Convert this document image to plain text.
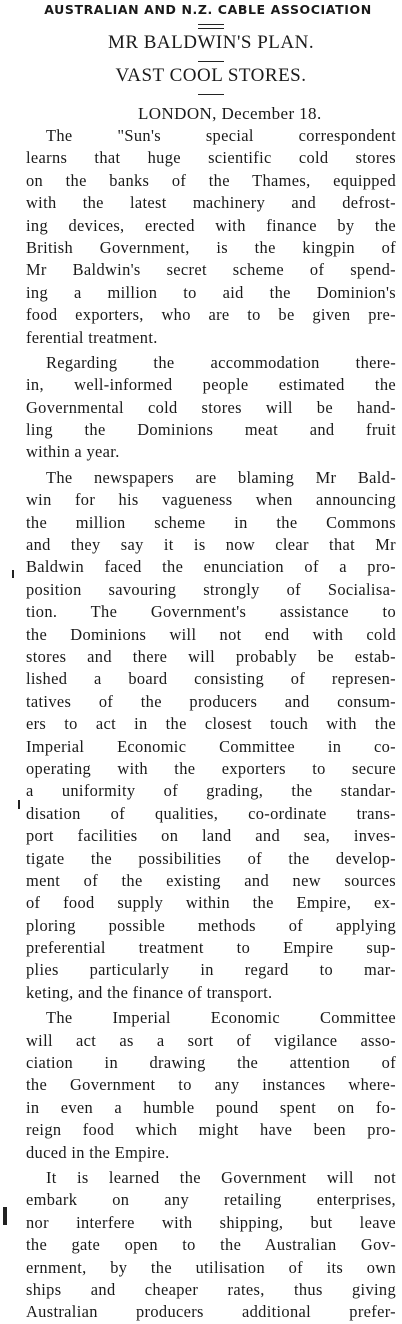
AUSTRALIAN AND N.Z. CABLE ASSOCIATION
MR BALDWIN'S PLAN.
VAST COOL STORES.
LONDON, December 18.
The "Sun's special correspondent
learns that huge scientific cold stores
on the banks of the Thames, equipped
with the latest machinery and defrost-
ing devices, erected with finance by the
British Government, is the kingpin of
Mr Baldwin's secret scheme of spend-
ing a million to aid the Dominion's
food exporters, who are to be given pre-
ferential treatment.
Regarding the accommodation there-
in, well-informed people estimated the
Governmental cold stores will be hand-
ling the Dominions meat and fruit
within a year.
The newspapers are blaming Mr Bald-
win for his vagueness when announcing
the million scheme in the Commons
and they say it is now clear that Mr
Baldwin faced the enunciation of a pro-
position savouring strongly of Socialisa-
tion. The Government's assistance to
the Dominions will not end with cold
stores and there will probably be estab-
lished a board consisting of represen-
tatives of the producers and consum-
ers to act in the closest touch with the
Imperial Economic Committee in co-
operating with the exporters to secure
a uniformity of grading, the standar-
disation of qualities, co-ordinate trans-
port facilities on land and sea, inves-
tigate the possibilities of the develop-
ment of the existing and new sources
of food supply within the Empire, ex-
ploring possible methods of applying
preferential treatment to Empire sup-
plies particularly in regard to mar-
keting, and the finance of transport.
The Imperial Economic Committee
will act as a sort of vigilance asso-
ciation in drawing the attention of
the Government to any instances where-
in even a humble pound spent on fo-
reign food which might have been pro-
duced in the Empire.
It is learned the Government will not
embark on any retailing enterprises,
nor interfere with shipping, but leave
the gate open to the Australian Gov-
ernment, by the utilisation of its own
ships and cheaper rates, thus giving
Australian producers additional prefer-
